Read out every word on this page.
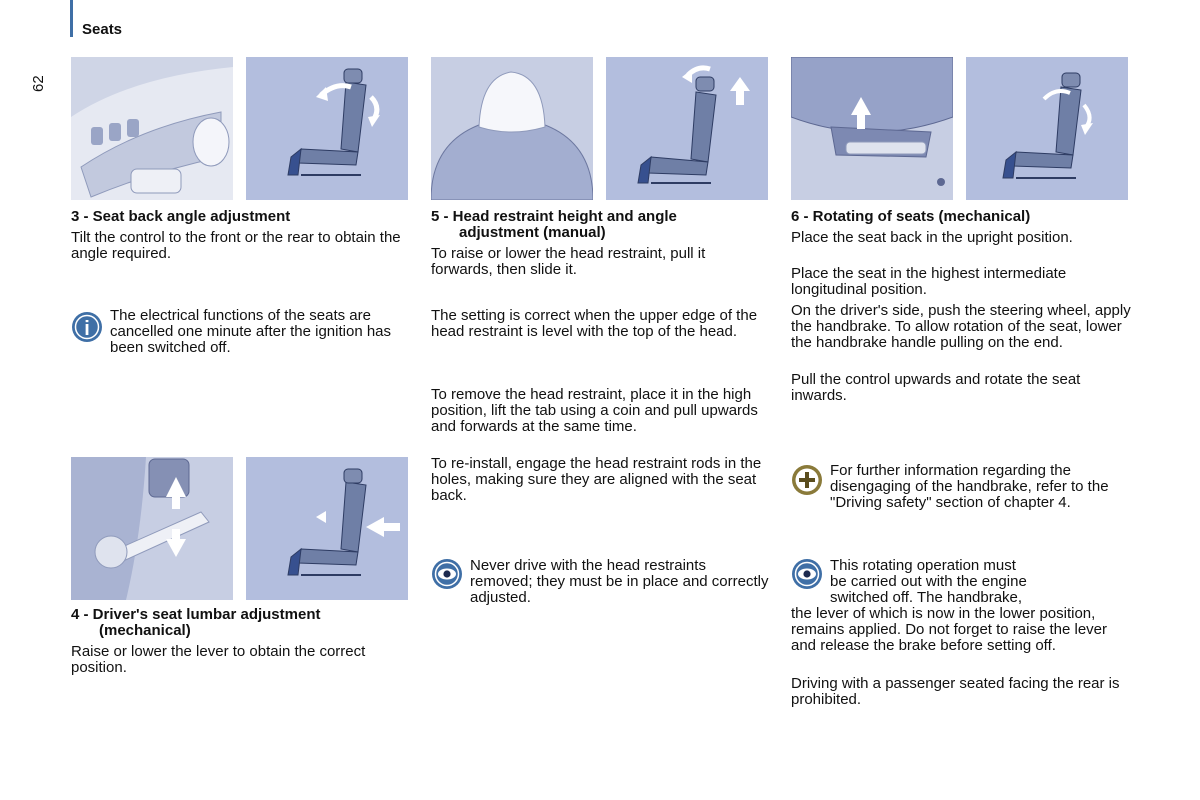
Seats
62
3 - Seat back angle adjustment

Tilt the control to the front or the rear to obtain the angle required.

i

The electrical functions of the seats are cancelled one minute after the ignition has been switched off.

4 - Driver's seat lumbar adjustment
(mechanical)

Raise or lower the lever to obtain the correct position.

5 - Head restraint height and angle
adjustment (manual)

To raise or lower the head restraint, pull it forwards, then slide it.

The setting is correct when the upper edge of the head restraint is level with the top of the head.

To remove the head restraint, place it in the high position, lift the tab using a coin and pull upwards and forwards at the same time.

To re-install, engage the head restraint rods in the holes, making sure they are aligned with the seat back.

Never drive with the head restraints removed; they must be in place and correctly adjusted.

6 - Rotating of seats (mechanical)

Place the seat back in the upright position.

Place the seat in the highest intermediate longitudinal position.

On the driver's side, push the steering wheel, apply the handbrake. To allow rotation of the seat, lower the handbrake handle pulling on the end.

Pull the control upwards and rotate the seat inwards.

For further information regarding the disengaging of the handbrake, refer to the "Driving safety" section of chapter 4.

This rotating operation must

be carried out with the engine

switched off. The handbrake,

the lever of which is now in the lower position, remains applied. Do not forget to raise the lever and release the brake before setting off.

Driving with a passenger seated facing the rear is prohibited.
